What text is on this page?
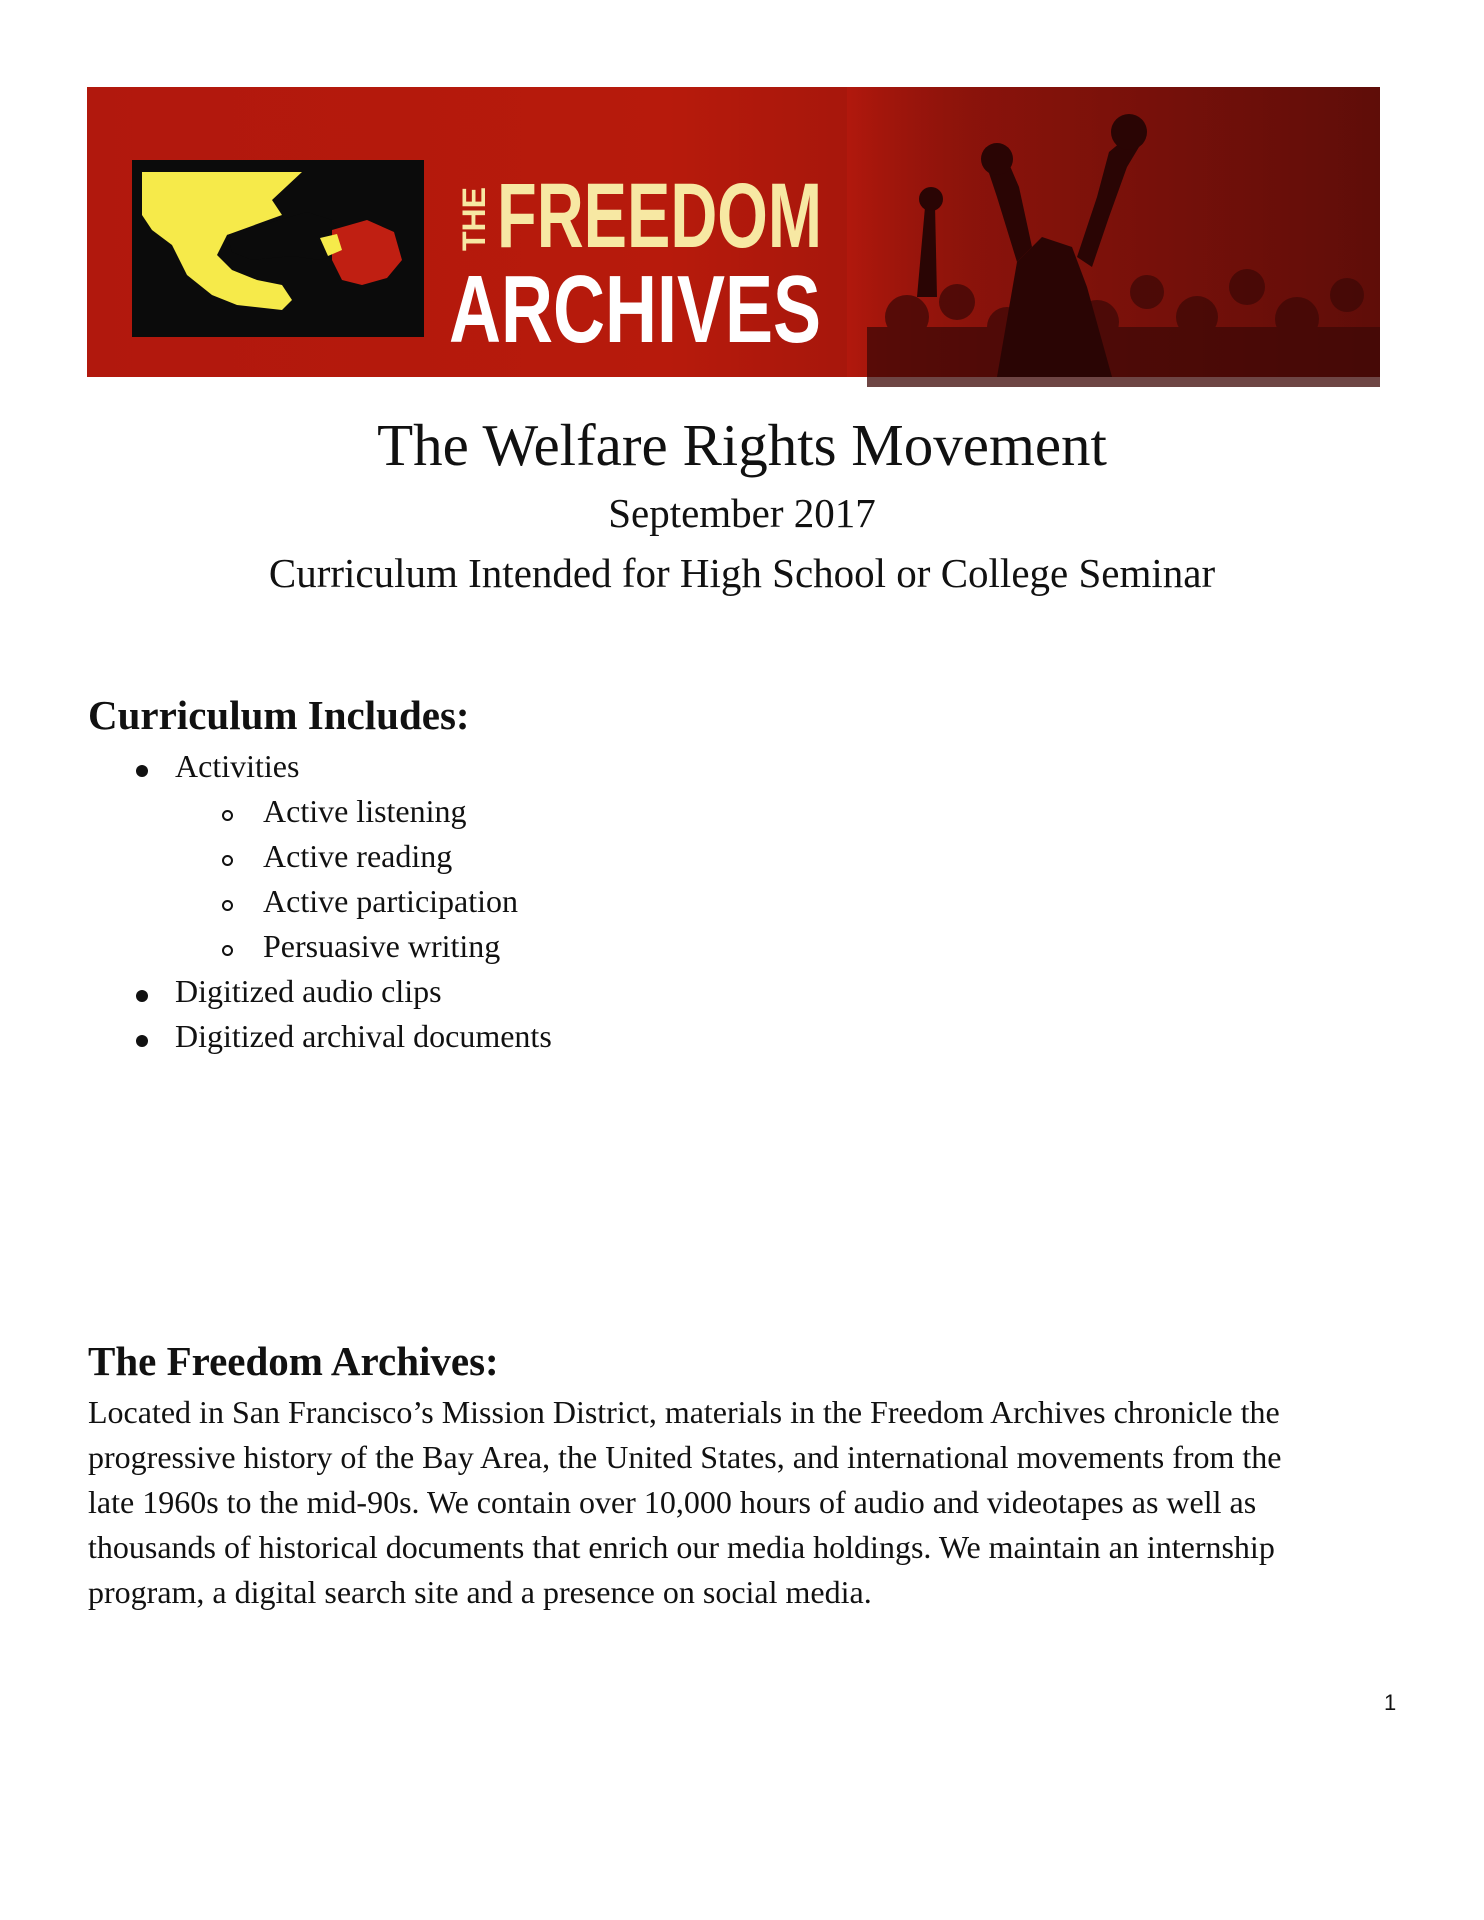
THE FREEDOM
ARCHIVES
The Welfare Rights Movement
September 2017
Curriculum Intended for High School or College Seminar
Curriculum Includes:
Activities
Active listening
Active reading
Active participation
Persuasive writing
Digitized audio clips
Digitized archival documents
The Freedom Archives:
Located in San Francisco’s Mission District, materials in the Freedom Archives chronicle the
progressive history of the Bay Area, the United States, and international movements from the
late 1960s to the mid-90s. We contain over 10,000 hours of audio and videotapes as well as
thousands of historical documents that enrich our media holdings. We maintain an internship
program, a digital search site and a presence on social media.
1
